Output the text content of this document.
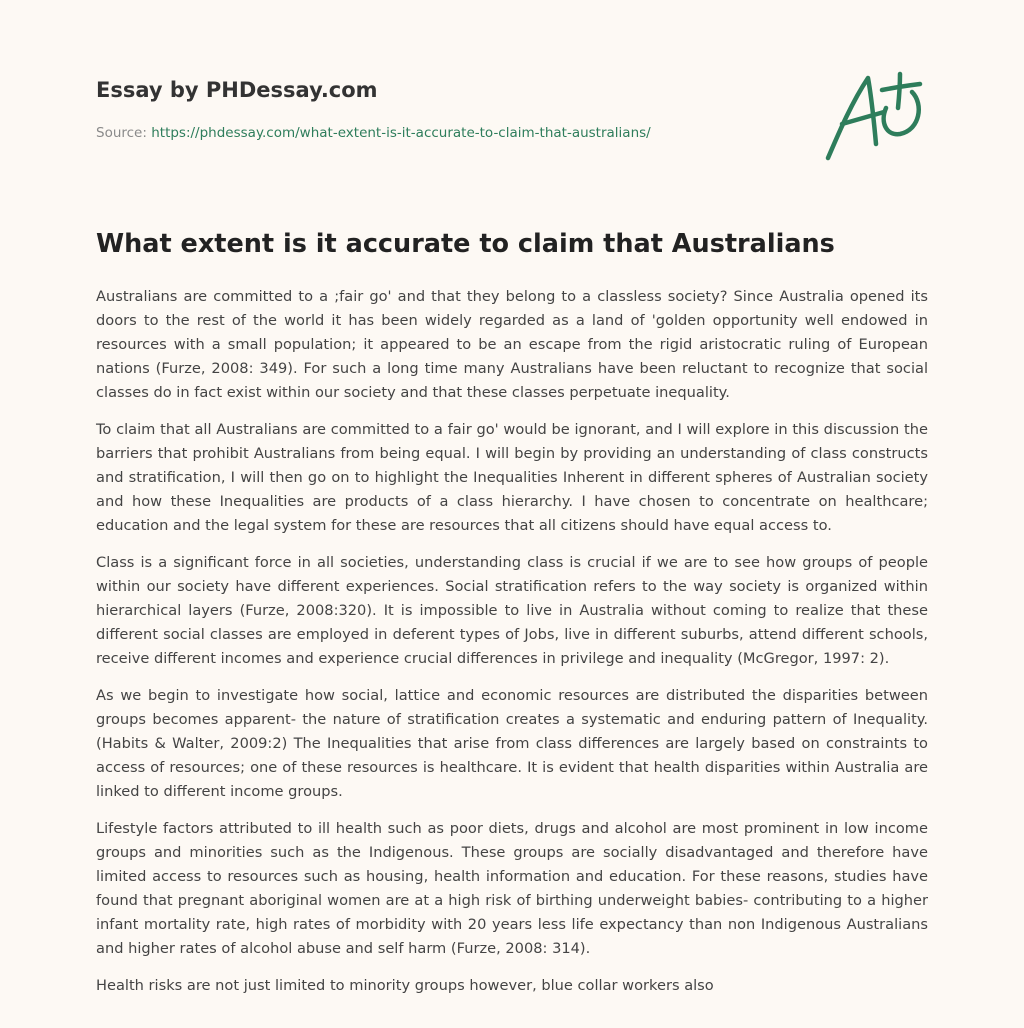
Essay by PHDessay.com
Source: https://phdessay.com/what-extent-is-it-accurate-to-claim-that-australians/
What extent is it accurate to claim that Australians

Australians are committed to a ;fair go' and that they belong to a classless society? Since Australia opened its doors to the rest of the world it has been widely regarded as a land of 'golden opportunity well endowed in resources with a small population; it appeared to be an escape from the rigid aristocratic ruling of European nations (Furze, 2008: 349). For such a long time many Australians have been reluctant to recognize that social classes do in fact exist within our society and that these classes perpetuate inequality.

To claim that all Australians are committed to a fair go' would be ignorant, and I will explore in this discussion the barriers that prohibit Australians from being equal. I will begin by providing an understanding of class constructs and stratification, I will then go on to highlight the Inequalities Inherent in different spheres of Australian society and how these Inequalities are products of a class hierarchy. I have chosen to concentrate on healthcare; education and the legal system for these are resources that all citizens should have equal access to.

Class is a significant force in all societies, understanding class is crucial if we are to see how groups of people within our society have different experiences. Social stratification refers to the way society is organized within hierarchical layers (Furze, 2008:320). It is impossible to live in Australia without coming to realize that these different social classes are employed in deferent types of Jobs, live in different suburbs, attend different schools, receive different incomes and experience crucial differences in privilege and inequality (McGregor, 1997: 2).

As we begin to investigate how social, lattice and economic resources are distributed the disparities between groups becomes apparent- the nature of stratification creates a systematic and enduring pattern of Inequality. (Habits & Walter, 2009:2) The Inequalities that arise from class differences are largely based on constraints to access of resources; one of these resources is healthcare. It is evident that health disparities within Australia are linked to different income groups.

Lifestyle factors attributed to ill health such as poor diets, drugs and alcohol are most prominent in low income groups and minorities such as the Indigenous. These groups are socially disadvantaged and therefore have limited access to resources such as housing, health information and education. For these reasons, studies have found that pregnant aboriginal women are at a high risk of birthing underweight babies- contributing to a higher infant mortality rate, high rates of morbidity with 20 years less life expectancy than non Indigenous Australians and higher rates of alcohol abuse and self harm (Furze, 2008: 314).

Health risks are not just limited to minority groups however, blue collar workers also
